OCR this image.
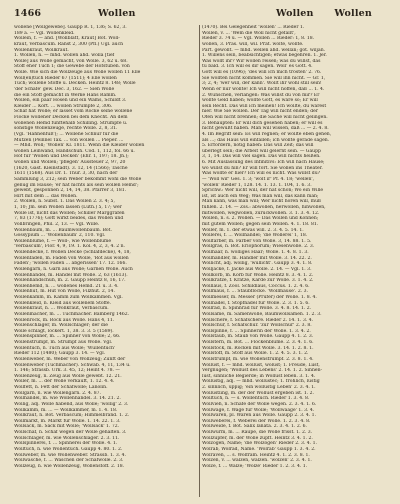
1466	Wollen	Wollen
Wollen
wollene [Wollgewebe]. Gaupp R. 1, 136; S. 62, 3.
189 a. — Vgl. Wollenkleid.
Wollein, f. — ahd. [Wollblatt, Kraut] Bot. Woll-
kraut, Verbascum. Ranst 2, 300 (Pfl.) Ugl. auch
Wollenkraut, Wollkraut.
1. Wollen, n. — mhd. wollen ahd. wolla [tief
Wolle] aus Wolle gemacht, von Wolle. 3, 62 u. 68.
Stoff eher Tuch 1; die Gewebe der Hofstuben. von
Wolle. Wie sich die Wollzeuge aus Wolle wollen 11 Elle
Woll(en)tuch Rieder 67 (1511); 4 Elle wollen
Tuch; wollene Stoffe u. Decken. Heintz 8. 148; Wolle
'der Schafe' gew. Dec. 3, 162. — Sieh Wolle
die ein Stoff gemacht in Werke Hans Ramm.
Wollen, ein paar Hosen und ein Wams, Schildt 3.
Kleider ... Kort. ... wollen Strümpfe 2, 306.
Schaf hat Wolle; er lasset vom Rocke seine wollene
Flocke wollener Decken bei dem Knecht. An dem
wollenen Hemd fünftehalb Schilling. Strümpfe u.
sonstige Wollenzeuge, rechte Wolle. 2, 8, 31.
(Vgl. 'Hahnenfuß'); ... Wollene Schnur für die
Mützen (Peinnel Tax. ... von wollen ... Pieper. ...
— Mhd. Woll; 'Wollen' Kl. 1811. Wenn die Kleider wollen
wollen Leinwand, Handschuh. Cod. 1, 112, fol. 66 u.
Hof für 'Wollen und Decken' (Ehr. 1, 197; 18. Jh.);
wollen und Wollen; 'pflegen' Aussteuer 2, 97, 20
(1620, Gast. Kleinstadt). 3. 12, 14 (1566); Tasche
1611 (1568). Aus Dr. 1. Thur. 3, 30, nach der
Sammlung 3, 212; sein Weber bekommt wohl die Wolle
genug im Hause; 'er hat nichts als sein wollen Hemd';
gewebt, gesponnen 2, 14, 14, 38. Pfarrer 3, 181.
Hirt mit dem ... das Wollen.
2. Wollen, n. Subst. 1. Das Wollen 2. 3. 4; 5,
1, 10; Jm. sein Wollen lassen (Luth.) 5, 17; wer
Wolle ist, nicht das Wollen; Schiller Marggrafen
7, 83 (1776); Gott wirkt beides, das Wollen und
Vollbringen, Phil. 2, 13. — Vgl. Wille.
Wollenbaum, m. ... Baumwollenbaum. Bot.
Gossypium ... 'Wollenbaum' 2, 110. Vgl.
Wollenblume, f. — Woll-, wie Wollenblume
'Verbascum', Flor. 4, 9, 19. 1. Kol. 4, 2, 3, 4. 2 n.
Wollendecke, f. Wollen Decke (Schlafdecke), 4, 18,
Wollenfaden, m. Faden von Wolle, 'Rot aus wollen
Faden'; 'wollen Faden ... abgerissen' 17. 12. 166.
Wollengarn, n. Garn aus Wolle; Garnen Wolle. Auch
Wollenhandel, m. Handel mit Wolle. 2, 63 (1613).
Wollenhandschuh, m. 2. Gaupp Heintz 8, 16, 17.
Wollenhemd, n. ... wollenes Hemd. 21 u. 3. 4.
Wollenhut, m. Hut von Wolle, Filzhut. 2, 14.
Wollenkamm, m. Kamm zum Wollkämmen. Vgl.
Wollenkleid, n. Kleid aus wollenem Stoffe.
Wollenkraut, n. ... Wollkraut, Verbascum.
Wollenmacher, m. ... Tuchmacher. Bamberg 1462.
Wollenrock, m. Rock aus Wolle. Hans 4, 11.
Wollenschläger, m. Wollschläger; der die
Wolle schlägt, lockert. 1, 38. 3. 3. 5 (1589).
Wollenspinner, m. ... Spinner von Wolle; 2, 66.
Wollenstrumpf, m. Strumpf aus Wolle. Vgl.
Wollentuch, n. Tuch aus Wolle; 'Wullentuch'
Rieder 112 (1480); Gaupp 3. 14. — Vgl.
Wollenweber, m. Weber von Wollzeug; Zunft der
Wollenweber (Tuchmacher). Schwab. 4, 11, 134 u.
1. 146; Strassb. Urk. 3. 45, 12; Heint 4. 78. —
Wollenzeug, n. Zeug aus Wolle gewebt. 12. 21.
Woller, m. ... der Wolle verkauft, 1. 12. 4. 4.
Wollfett, n. Fett der Schafwolle; Lanolin.
Wollgarn, n. wie Wollengarn. 2. 4. 87.
Wollhandel, m. wie Wollenhandel. 3. 14. 21. 2.
Wollig, adj. Wolle habend, aus Wolle; 'wollig' 2. 3.
Wollkamm, m. ... — Wollkämmer, m. 1. 4. 18.
Wollkraut, n. Bot. Verbascum; Himmelbrand. 1. 2.
Wollmarkt, m. Markt für Wolle. 1. 14. 22. 1. 3.
Wollsack, m. Sack mit Wolle; 'Wollsack' 1. 72.
Wollschaf, n. Schaf wegen der Wolle gehalten. 3.
Wollschläger, m. wie Wollenschläger. 2. 3. 11.
Wollspinnerei, f. ... Spinnerei der Wolle. 4. 1.
Wolltuch, n. wie Wollentuch. Gaupp 4. 80. 1. 2.
Wollweber, m. wie Wollenweber. Strassb. 1. 3. 4.
Wollwäsche, f. ... Waschen der Schafwolle. 2. 3.
Wollzeug, n. wie Wollenzeug, Wollenstoff. 2. 18.
(1470). Bei Gelegenheit 'wollen' ... Rieder 1.
Wollen, v. ... 'Wem die Woll nicht gefällt',
Rieder 3. 74 u. — Vgl. Wollen ... Rieder: 1, 8. 18.
wollen, 3. Präs. will, wil. Prät. wolte, wollte.
Part. gewollt. — mhd. wellen ahd. wellan; got. wiljan.
1. Willens sein, beabsichtigen; etwas begehren. 1. Jer.
Was wollt ihr? Wir wollen reisen; was du willst, das
tu bald. 3. Ich will es dir sagen. Woll' es Gott. 4.
Gott will es (1096); 'des will ich mich trösten' 2. 76.
Sie wollten nicht kommen. Sie will ihn nicht. — Gr. 1,
3; 2, 4; 'wer will, der kann'. Wollt ihr wohl still sein!
Wenn er nur wollte! Ich will nicht hoffen, daß ... 1. 4.
2. Wünschen, verlangen: Was willst du von mir? Er
wollte Geld haben; wollte Gott, es wäre so; Er will
sein Recht. Das will ich meinen! Ich wollte, du wärest
hier. Wie Sie wollen. Der Tag will nicht enden; der
Ofen will nicht brennen; die Sache will nicht gelingen.
3. Behaupten: Er will dich gesehen haben; er will es
nicht gewußt haben. Man will wissen, daß ... — 2. 4. 8.
4. Im Begriff sein: Es will regnen; er wollte eben gehen,
als ...; das Haus will einfallen; ich wollte gerade sagen.
5. Erfordern, nötig haben: Das will Zeit; das will
überlegt sein; die Arbeit will gelernt sein. — Gaupp
3, 1, 14. Das will viel sagen. Das will nichts heißen.
6. Mit Auslassung des Infinitivs: Ich will nach Hause;
wo willst du hin? Er will fort. Sie wollen ins Theater.
Was wollte er hier? Ich will es nicht. Was willst du?
— 'Wöll wir' Ges. 1. 3; 'wölt ir' Pf. 4. 18; 'wellen',
'wöllen' Rieder 1, 128. 14. 1. 13. 1. 104, 1. 6. 3.
Sprichw.: Wer nicht will, der hat schon; Wo ein Wille
ist, ist auch ein Weg; Was man will, das kann man;
Man kann, was man will; Wer nicht hören will, muß
fühlen. 2. 14. — Zss.: abwollen, herwollen, hinwollen,
mitwollen, wegwollen, zurückwollen. 3. 1. 3. 4. 12.
Wollen, n. s. 2. Wollen. — Das Wollen und Können;
mit gutem Wollen; gegen sein Wollen. 4. 1. 18. 81.
Woller, m. 1. der etwas will. 2. 3. 4. 5. 14. 1.
Wollerei, f. ... Wollhandel; 'die Wollerei' 1, 18.
Wollfärber, m. Färber von Wolle. 3, 14. 88. 1. 5.
Wollgras, n. Bot. Eriophorum; Wiesenwolle. 2. 3.
Wollhaar, n. wolliges Haar; Wolle. 1. 4. 8. 1. 3.
Wollhändler, m. Händler mit Wolle. 3. 14. 22. 2.
Wollicht, adj. wollig, 'wullicht'. Gaupp 3. 4. 1. 8.
Wolljacke, f. Jacke aus Wolle. 2. 14. — Vgl. 1. 3.
Wollkorb, m. Korb für Wolle. Heintz 8. 3. 4. 1. 2.
Wollkratze, f. Kratze, Karde zur Wolle. 3. 1. 4. 2.
Wolllaus, f. Zool. Schildlaus, Coccus. 1. 2. 4. 6.
Wollmaus, f. ... Staubflocke. 'Wollmäuse'. 2. 3.
Wollmesser, m. Messer (Prüfer) der Wolle. 1. 8. 4.
Wollnadel, f. Stopfnadel für Wolle. 2. 3. 1. 5. 6.
Wollrad, n. Spinnrad für Wolle. 3. 4. 8. 14. 1. 2.
Wollsame, m. Samenwolle, Baumwollsamen. 1. 2. 3.
Wollschere, f. Schafschere. Rieder 2. 14. 1. 3. 4.
Wollschur, f. Schafschur. 'zur Wollschur' 2. 3. 8.
Wollspinne, f. ... Spinnerin der Wolle. 1. 3. 4. 2.
Wollstaub, m. Staub von Wolle. Gaupp 4. 1. 2. 3.
Wollstern, m. Bot. ... Flockenblume. 2. 3. 4. 1. 6.
Wollstock, m. Rocken mit Wolle. 3. 14. 1. 2. 8. 1.
Wollstoff, m. Stoff aus Wolle. 1. 2. 4. 5. 3. 1. 2.
Wollstrumpf, m. wie Wollenstrumpf. 2. 3. 8. 1. 4.
Wollust, f. — mhd. wollust, wolust; 1. Freude, Lust,
Vergnügen; 'Wollust des Lebens' 2. 14. 1. 2. Sinnen-
lust, sinnliche Begierde; in Wollust leben. 3. 1. 4.
Wollüstig, adj. — mhd. wollustec; 1. fröhlich, lustig
2. sinnlich, üppig; 'ein wollüstig Leben' 2. 3. 4. 1.
Wollüstling, m. der der Wollust ergeben ist. 1. 2.
Wolltuch, n. — s. Wollentuch. Rieder 1. 3. 4. 8.
Wollvieh, n. Schafe der Wolle wegen. 2. 3. 4. 1. 6.
Wollwage, f. Wage für Wolle; 'Wollwaage' 1. 3. 4.
Wollwaren, pl. Waren aus Wolle. Gaupp 2. 3. 4. 1.
Wollweberei, f. Weberei der Wolle. 1. 2. 3. 4. 8.
Wollweide, f. Bot. Salix lanata. 2. 3. 4. 1. 2. 6.
Wollwurm, m. ... Raupe, die Wolle frisst. 1. 2. 3.
Wollzupfer, m. der Wolle zupft. Heintz 3. 4. 1. 2.
Wolzogen, Name; 'die Wolzogen' Rieder 2. 3. 4. 1.
Wolrab, Wolrad, Name. 'Wolrab' Gaupp 1. 3. 4. 2.
Wolraven, ... s. Wolfram. Heintz 4. 1. 2. 3. 8. 1.
Wolzen, v. ... walzen, wälzen. 'wolzen' 2. 3. 4. 1.
Wölze, f. ... Walze; 'Wölze' Rieder 1. 2. 3. 4. 1.
